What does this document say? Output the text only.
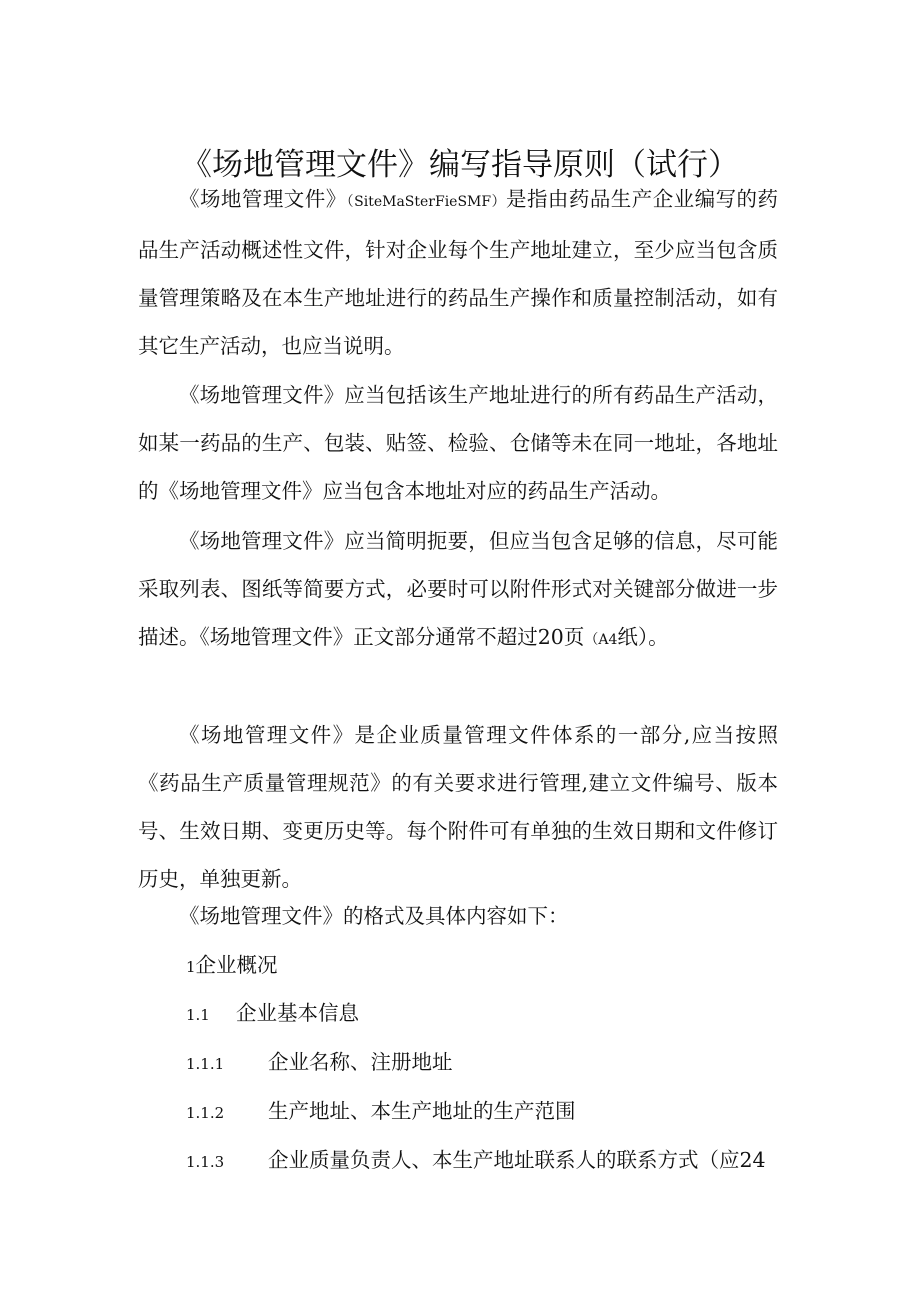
《场地管理文件》编写指导原则（试行）

《场地管理文件》（SiteMaSterFieSMF）是指由药品生产企业编写的药品生产活动概述性文件，针对企业每个生产地址建立，至少应当包含质量管理策略及在本生产地址进行的药品生产操作和质量控制活动，如有其它生产活动，也应当说明。

《场地管理文件》应当包括该生产地址进行的所有药品生产活动，如某一药品的生产、包装、贴签、检验、仓储等未在同一地址，各地址的《场地管理文件》应当包含本地址对应的药品生产活动。

《场地管理文件》应当简明扼要，但应当包含足够的信息，尽可能采取列表、图纸等简要方式，必要时可以附件形式对关键部分做进一步描述。《场地管理文件》正文部分通常不超过20页（A4纸）。

《场地管理文件》是企业质量管理文件体系的一部分,应当按照《药品生产质量管理规范》的有关要求进行管理,建立文件编号、版本号、生效日期、变更历史等。每个附件可有单独的生效日期和文件修订历史，单独更新。

《场地管理文件》的格式及具体内容如下：

1企业概况
1.1 企业基本信息
1.1.1 企业名称、注册地址
1.1.2 生产地址、本生产地址的生产范围
1.1.3 企业质量负责人、本生产地址联系人的联系方式（应24
